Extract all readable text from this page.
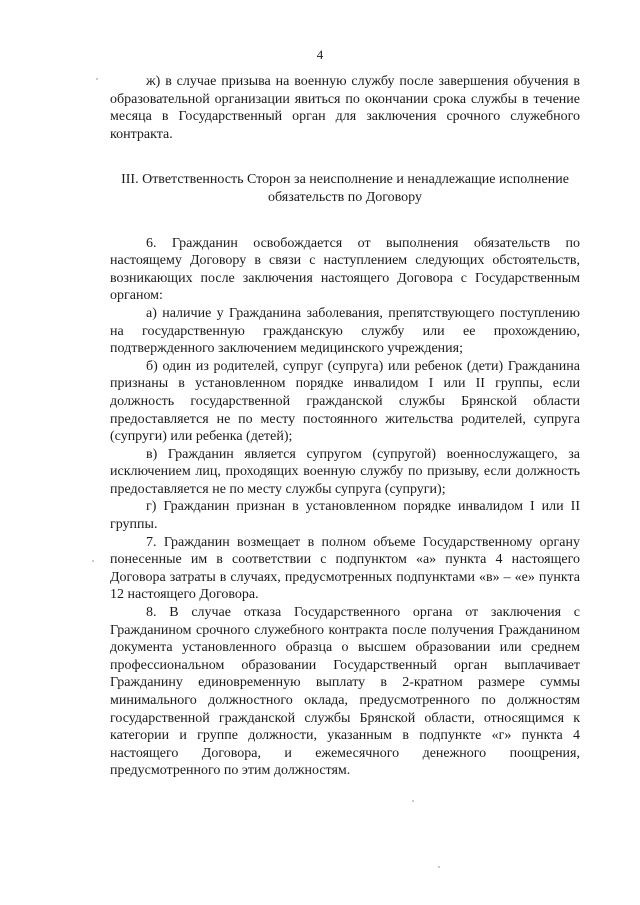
4

ж) в случае призыва на военную службу после завершения обучения в образовательной организации явиться по окончании срока службы в течение месяца в Государственный орган для заключения срочного служебного контракта.

III. Ответственность Сторон за неисполнение и ненадлежащие исполнение
обязательств по Договору

6. Гражданин освобождается от выполнения обязательств по настоящему Договору в связи с наступлением следующих обстоятельств, возникающих после заключения настоящего Договора с Государственным органом:

а) наличие у Гражданина заболевания, препятствующего поступлению на государственную гражданскую службу или ее прохождению, подтвержденного заключением медицинского учреждения;

б) один из родителей, супруг (супруга) или ребенок (дети) Гражданина признаны в установленном порядке инвалидом I или II группы, если должность государственной гражданской службы Брянской области предоставляется не по месту постоянного жительства родителей, супруга (супруги) или ребенка (детей);

в) Гражданин является супругом (супругой) военнослужащего, за исключением лиц, проходящих военную службу по призыву, если должность предоставляется не по месту службы супруга (супруги);

г) Гражданин признан в установленном порядке инвалидом I или II группы.

7. Гражданин возмещает в полном объеме Государственному органу понесенные им в соответствии с подпунктом «а» пункта 4 настоящего Договора затраты в случаях, предусмотренных подпунктами «в» – «е» пункта 12 настоящего Договора.

8. В случае отказа Государственного органа от заключения с Гражданином срочного служебного контракта после получения Гражданином документа установленного образца о высшем образовании или среднем профессиональном образовании Государственный орган выплачивает Гражданину единовременную выплату в 2-кратном размере суммы минимального должностного оклада, предусмотренного по должностям государственной гражданской службы Брянской области, относящимся к категории и группе должности, указанным в подпункте «г» пункта 4 настоящего Договора, и ежемесячного денежного поощрения, предусмотренного по этим должностям.
